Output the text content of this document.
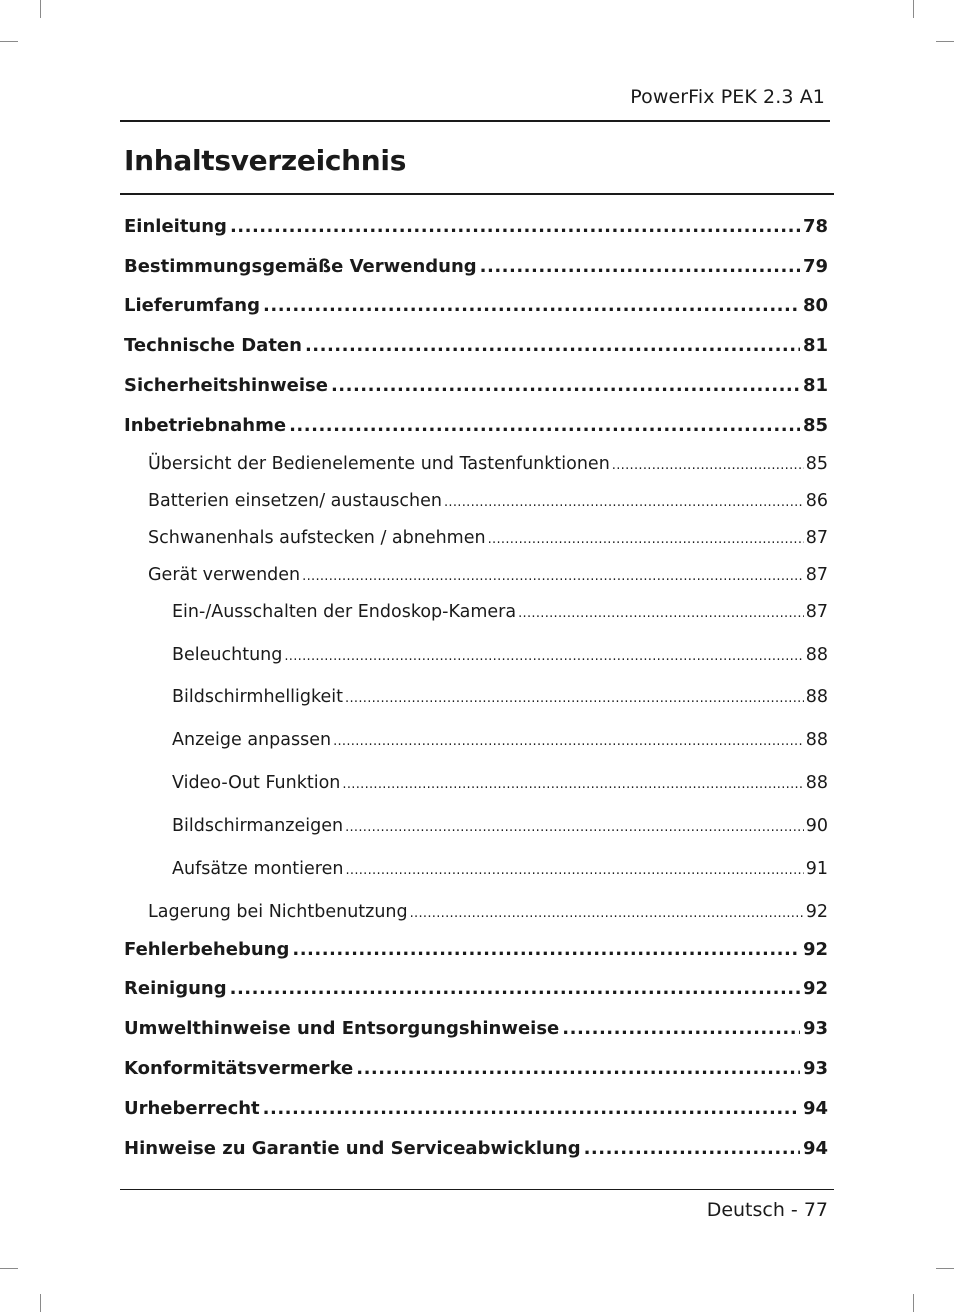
PowerFix PEK 2.3 A1
Inhaltsverzeichnis
Einleitung .....	78
Bestimmungsgemäße Verwendung .....	79
Lieferumfang .....	80
Technische Daten .....	81
Sicherheitshinweise .....	81
Inbetriebnahme .....	85
Übersicht der Bedienelemente und Tastenfunktionen .....	85
Batterien einsetzen/ austauschen .....	86
Schwanenhals aufstecken / abnehmen .....	87
Gerät verwenden .....	87
Ein-/Ausschalten der Endoskop-Kamera .....	87
Beleuchtung .....	88
Bildschirmhelligkeit .....	88
Anzeige anpassen .....	88
Video-Out Funktion .....	88
Bildschirmanzeigen .....	90
Aufsätze montieren .....	91
Lagerung bei Nichtbenutzung .....	92
Fehlerbehebung .....	92
Reinigung .....	92
Umwelthinweise und Entsorgungshinweise .....	93
Konformitätsvermerke .....	93
Urheberrecht .....	94
Hinweise zu Garantie und Serviceabwicklung .....	94
Deutsch - 77
